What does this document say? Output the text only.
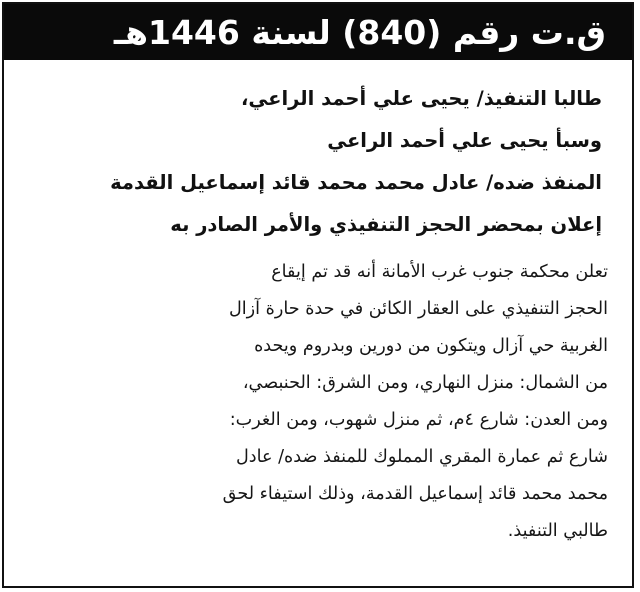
ق.ت رقم (840) لسنة 1446هـ
طالبا التنفيذ/ يحيى علي أحمد الراعي،
وسبأ يحيى علي أحمد الراعي
المنفذ ضده/ عادل محمد محمد قائد إسماعيل القدمة
إعلان بمحضر الحجز التنفيذي والأمر الصادر به
تعلن محكمة جنوب غرب الأمانة أنه قد تم إيقاع
الحجز التنفيذي على العقار الكائن في حدة حارة آزال
الغربية حي آزال ويتكون من دورين وبدروم ويحده
من الشمال: منزل النهاري، ومن الشرق: الحنبصي،
ومن العدن: شارع ٤م، ثم منزل شهوب، ومن الغرب:
شارع ثم عمارة المقري المملوك للمنفذ ضده/ عادل
محمد محمد قائد إسماعيل القدمة، وذلك استيفاء لحق
طالبي التنفيذ.
